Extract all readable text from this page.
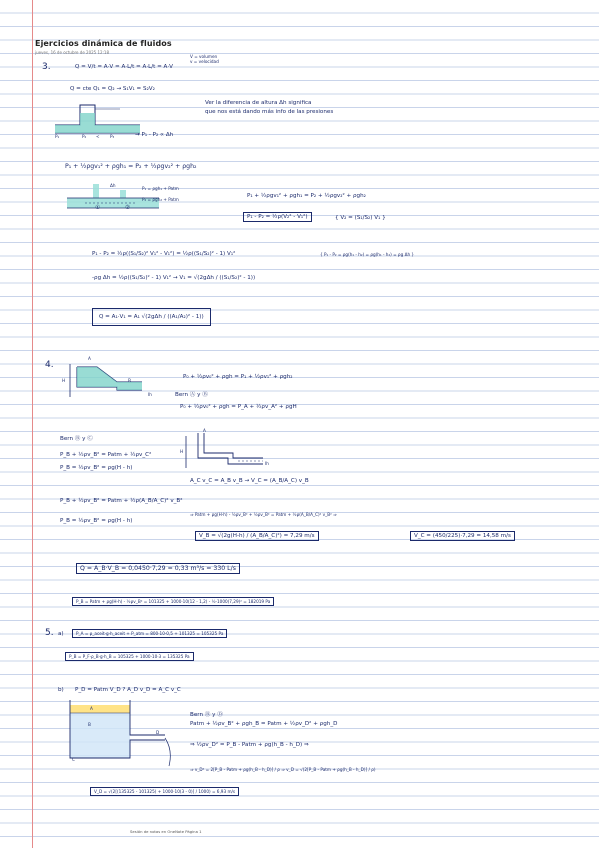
Ejercicios dinámica de fluidos
jueves, 16 de octubre de 2025 12:18
V = volumen
v = velocidad
3.	Q = V/t = A·V = A·L/t = A·L/t = A·V
Q = cte Q₁ = Q₂ → S₁V₁ = S₂V₂
P₁	P₂ < P₃	→ P₁ - P₂ ∝ Δh
Ver la diferencia de altura Δh significa
que nos está dando más info de las presiones
P₁ + ½ρgv₁² + ρgh₁ = P₂ + ½ρgv₂² + ρgh₂
Δh
①	②
P₁ = ρgh₁ + Patm
P₂ = ρgh₂ + Patm
P₁ + ½ρgv₁² + ρgh₁ = P₂ + ½ρgv₂² + ρgh₂
P₁ - P₂ = ½ρ(V₂² - V₁²)	{ V₂ = (S₁/S₂) V₁ }
P₁ - P₂ = ½ρ((S₁/S₂)² V₁² - V₁²) = ½ρ((S₁/S₂)² - 1) V₁²	{ P₁ - P₂ = ρg(h₁ - h₂) = ρg(h₁ - h₂) = ρg Δh }
-ρg Δh = ½ρ((S₁/S₂)² - 1) V₁² → V₁ = √(2gΔh / ((S₁/S₂)² - 1))
Q = A₁·V₁ = A₁ √(2gΔh / ((A₁/A₂)² - 1))
4.
H
A
B
Ih
P₀ + ½ρv₀² + ρgh = P₁ + ½ρv₁² + ρgh₂
Bern Ⓐ y Ⓑ
P₀ + ½ρv₀² + ρgh = P_A + ½ρv_A² + ρgH
Bern Ⓑ y Ⓒ
H
A
Ih
P_B + ½ρv_B² = Patm + ½ρv_C²
P_B = ½ρv_B² = ρg(H - h)
A_C v_C = A_B v_B → V_C = (A_B/A_C) v_B
P_B + ½ρv_B² = Patm + ½ρ(A_B/A_C)² v_B²
P_B = ½ρv_B² = ρg(H - h)
⇒ Patm + ρg(H-h) - ½ρv_B² + ½ρv_B² = Patm + ½ρ(A_B/A_C)² v_B² ⇒
V_B = √(2g(H-h) / (A_B/A_C)²) = 7,29 m/s	V_C = (450/225)·7,29 = 14,58 m/s
Q = A_B·V_B = 0,0450·7,29 = 0,33 m³/s = 330 L/s
P_B = Patm + ρg(H-h) - ½ρv_B² = 101325 + 1000·10(12 - 1,2) - ½·1000(7,29)² = 182019 Pa
5. a)	P_A = ρ_aceit·g·h_aceit + P_atm = 800·10·0,5 + 101325 = 105325 Pa
P_B = P_F·ρ_B·g·h_B = 105325 + 1000·10·3 = 135325 Pa
b) P_D = Patm V_D ? A_D v_D = A_C v_C
A
B
C
D
Bern Ⓑ y Ⓓ
Patm + ½ρv_B² + ρgh_B = Patm + ½ρv_D² + ρgh_D
⇒ ½ρv_D² = P_B - Patm + ρg(h_B - h_D) ⇒
⇒ v_D² = 2[P_B - Patm + ρg(h_B - h_D)] / ρ ⇒ v_D = √(2[P_B - Patm + ρg(h_B - h_D)] / ρ)
V_D = √(2[(135325 - 101325) + 1000·10(3 - 0)] / 1000) = 6,93 m/s
Sesión de notas en OneNote Página 1
